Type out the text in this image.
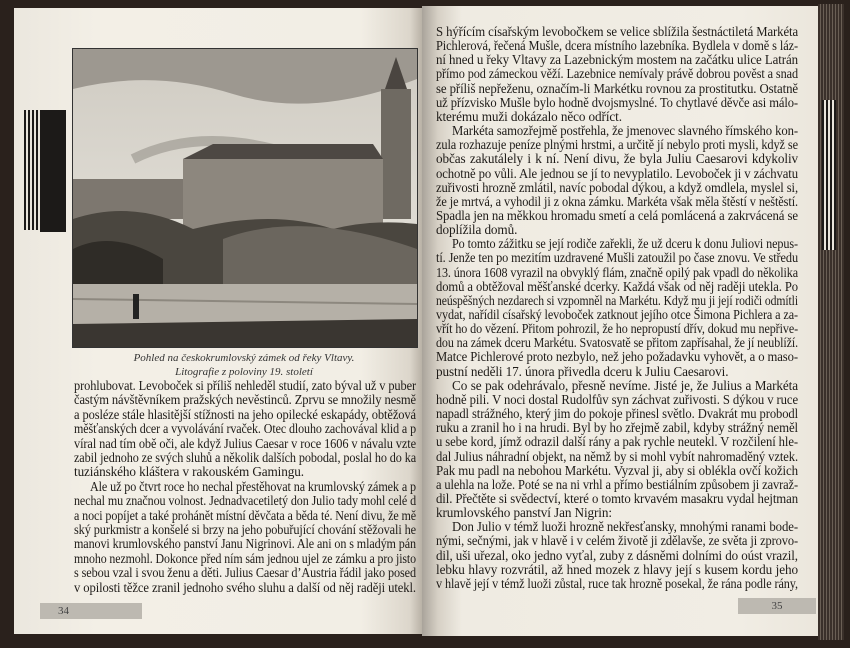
Pohled na českokrumlovský zámek od řeky Vltavy.
Litografie z poloviny 19. století
prohlubovat. Levoboček si příliš nehleděl studií, zato býval už v puber
častým návštěvníkem pražských nevěstinců. Zprvu se množily nesmě
a posléze stále hlasitější stížnosti na jeho opilecké eskapády, obtěžová
měšťanských dcer a vyvolávání rvaček. Otec dlouho zachovával klid a p
víral nad tím obě oči, ale když Julius Caesar v roce 1606 v návalu vzte
zabil jednoho ze svých sluhů a několik dalších pobodal, poslal ho do ka
tuziánského kláštera v rakouském Gamingu.
Ale už po čtvrt roce ho nechal přestěhovat na krumlovský zámek a p
nechal mu značnou volnost. Jednadvacetiletý don Julio tady mohl celé d
a noci popíjet a také prohánět místní děvčata a běda té. Není divu, že mě
ský purkmistr a konšelé si brzy na jeho pobuřující chování stěžovali he
manovi krumlovského panství Janu Nigrinovi. Ale ani on s mladým pán
mnoho nezmohl. Dokonce před ním sám jednou ujel ze zámku a pro jisto
s sebou vzal i svou ženu a děti. Julius Caesar d’Austria řádil jako posed
v opilosti těžce zranil jednoho svého sluhu a další od něj raději utekl.
S hýřícím císařským levobočkem se velice sblížila šestnáctiletá Markéta
Pichlerová, řečená Mušle, dcera místního lazebníka. Bydlela v domě s láz-
ní hned u řeky Vltavy za Lazebnickým mostem na začátku ulice Latrán
přímo pod zámeckou věží. Lazebnice nemívaly právě dobrou pověst a snad
se příliš nepřeženu, označím-li Markétku rovnou za prostitutku. Ostatně
už přízvisko Mušle bylo hodně dvojsmyslné. To chytlavé děvče asi málo-
kterému muži dokázalo něco odříct.
Markéta samozřejmě postřehla, že jmenovec slavného římského kon-
zula rozhazuje peníze plnými hrstmi, a určitě jí nebylo proti mysli, když se
občas zakutálely i k ní. Není divu, že byla Juliu Caesarovi kdykoliv
ochotně po vůli. Ale jednou se jí to nevyplatilo. Levoboček ji v záchvatu
zuřivosti hrozně zmlátil, navíc pobodal dýkou, a když omdlela, myslel si,
že je mrtvá, a vyhodil ji z okna zámku. Markéta však měla štěstí v neštěstí.
Spadla jen na měkkou hromadu smetí a celá pomlácená a zakrvácená se
doplížila domů.
Po tomto zážitku se její rodiče zařekli, že už dceru k donu Juliovi nepus-
tí. Jenže ten po mezitím uzdravené Mušli zatoužil po čase znovu. Ve středu
13. února 1608 vyrazil na obvyklý flám, značně opilý pak vpadl do několika
domů a obtěžoval měšťanské dcerky. Každá však od něj raději utekla. Po
neúspěšných nezdarech si vzpomněl na Markétu. Když mu ji její rodiči odmítli
vydat, nařídil císařský levoboček zatknout jejího otce Šimona Pichlera a za-
vřít ho do vězení. Přitom pohrozil, že ho nepropustí dřív, dokud mu nepřive-
dou na zámek dceru Markétu. Svatosvatě se přitom zapřísahal, že jí neublíží.
Matce Pichlerové proto nezbylo, než jeho požadavku vyhovět, a o maso-
pustní neděli 17. února přivedla dceru k Juliu Caesarovi.
Co se pak odehrávalo, přesně nevíme. Jisté je, že Julius a Markéta
hodně pili. V noci dostal Rudolfův syn záchvat zuřivosti. S dýkou v ruce
napadl strážného, který jim do pokoje přinesl světlo. Dvakrát mu probodl
ruku a zranil ho i na hrudi. Byl by ho zřejmě zabil, kdyby strážný neměl
u sebe kord, jímž odrazil další rány a pak rychle neutekl. V rozčilení hle-
dal Julius náhradní objekt, na němž by si mohl vybít nahromaděný vztek.
Pak mu padl na nebohou Markétu. Vyzval ji, aby si oblékla ovčí kožich
a ulehla na lože. Poté se na ni vrhl a přímo bestiálním způsobem ji zavraž-
dil. Přečtěte si svědectví, které o tomto krvavém masakru vydal hejtman
krumlovského panství Jan Nigrin:
Don Julio v témž luoži hrozně nekřesťansky, mnohými ranami bode-
nými, sečnými, jak v hlavě i v celém životě ji zdělavše, ze světa ji zprovo-
dil, uši uřezal, oko jedno vyťal, zuby z dásněmi dolními do oúst vrazil,
lebku hlavy rozvrátil, až hned mozek z hlavy její s kusem kordu jeho
v hlavě její v témž luoži zůstal, ruce tak hrozně posekal, že rána podle rány,
34	35
